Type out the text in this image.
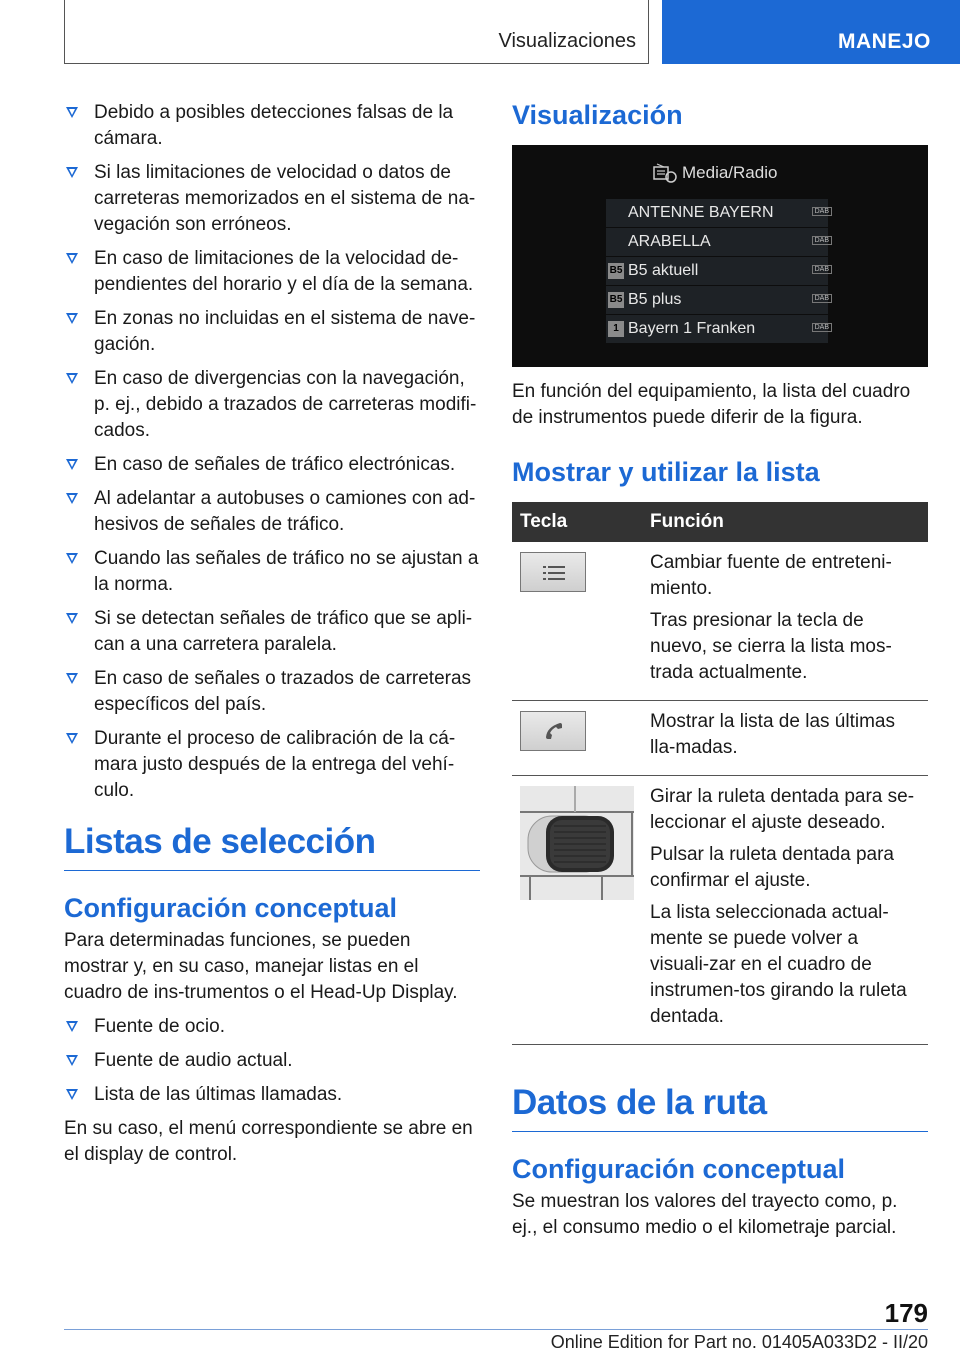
Visualizaciones	MANEJO
Debido a posibles detecciones falsas de la cámara.
Si las limitaciones de velocidad o datos de carreteras memorizados en el sistema de na-vegación son erróneos.
En caso de limitaciones de la velocidad de-pendientes del horario y el día de la semana.
En zonas no incluidas en el sistema de nave-gación.
En caso de divergencias con la navegación, p. ej., debido a trazados de carreteras modifi-cados.
En caso de señales de tráfico electrónicas.
Al adelantar a autobuses o camiones con ad-hesivos de señales de tráfico.
Cuando las señales de tráfico no se ajustan a la norma.
Si se detectan señales de tráfico que se apli-can a una carretera paralela.
En caso de señales o trazados de carreteras específicos del país.
Durante el proceso de calibración de la cá-mara justo después de la entrega del vehí-culo.
Listas de selección
Configuración conceptual

Para determinadas funciones, se pueden mostrar y, en su caso, manejar listas en el cuadro de ins-trumentos o el Head-Up Display.

Fuente de ocio.
Fuente de audio actual.
Lista de las últimas llamadas.

En su caso, el menú correspondiente se abre en el display de control.

Visualización
Media/Radio
ANTENNE BAYERN	DAB
ARABELLA	DAB
B5 B5 aktuell	DAB
B5 B5 plus	DAB
1 Bayern 1 Franken	DAB

En función del equipamiento, la lista del cuadro de instrumentos puede diferir de la figura.

Mostrar y utilizar la lista
Tecla	Función

Cambiar fuente de entreteni-miento.

Tras presionar la tecla de nuevo, se cierra la lista mos-trada actualmente.

Mostrar la lista de las últimas lla-madas.

Girar la ruleta dentada para se-leccionar el ajuste deseado.

Pulsar la ruleta dentada para confirmar el ajuste.

La lista seleccionada actual-mente se puede volver a visuali-zar en el cuadro de instrumen-tos girando la ruleta dentada.

Datos de la ruta
Configuración conceptual

Se muestran los valores del trayecto como, p. ej., el consumo medio o el kilometraje parcial.

179
Online Edition for Part no. 01405A033D2 - II/20
